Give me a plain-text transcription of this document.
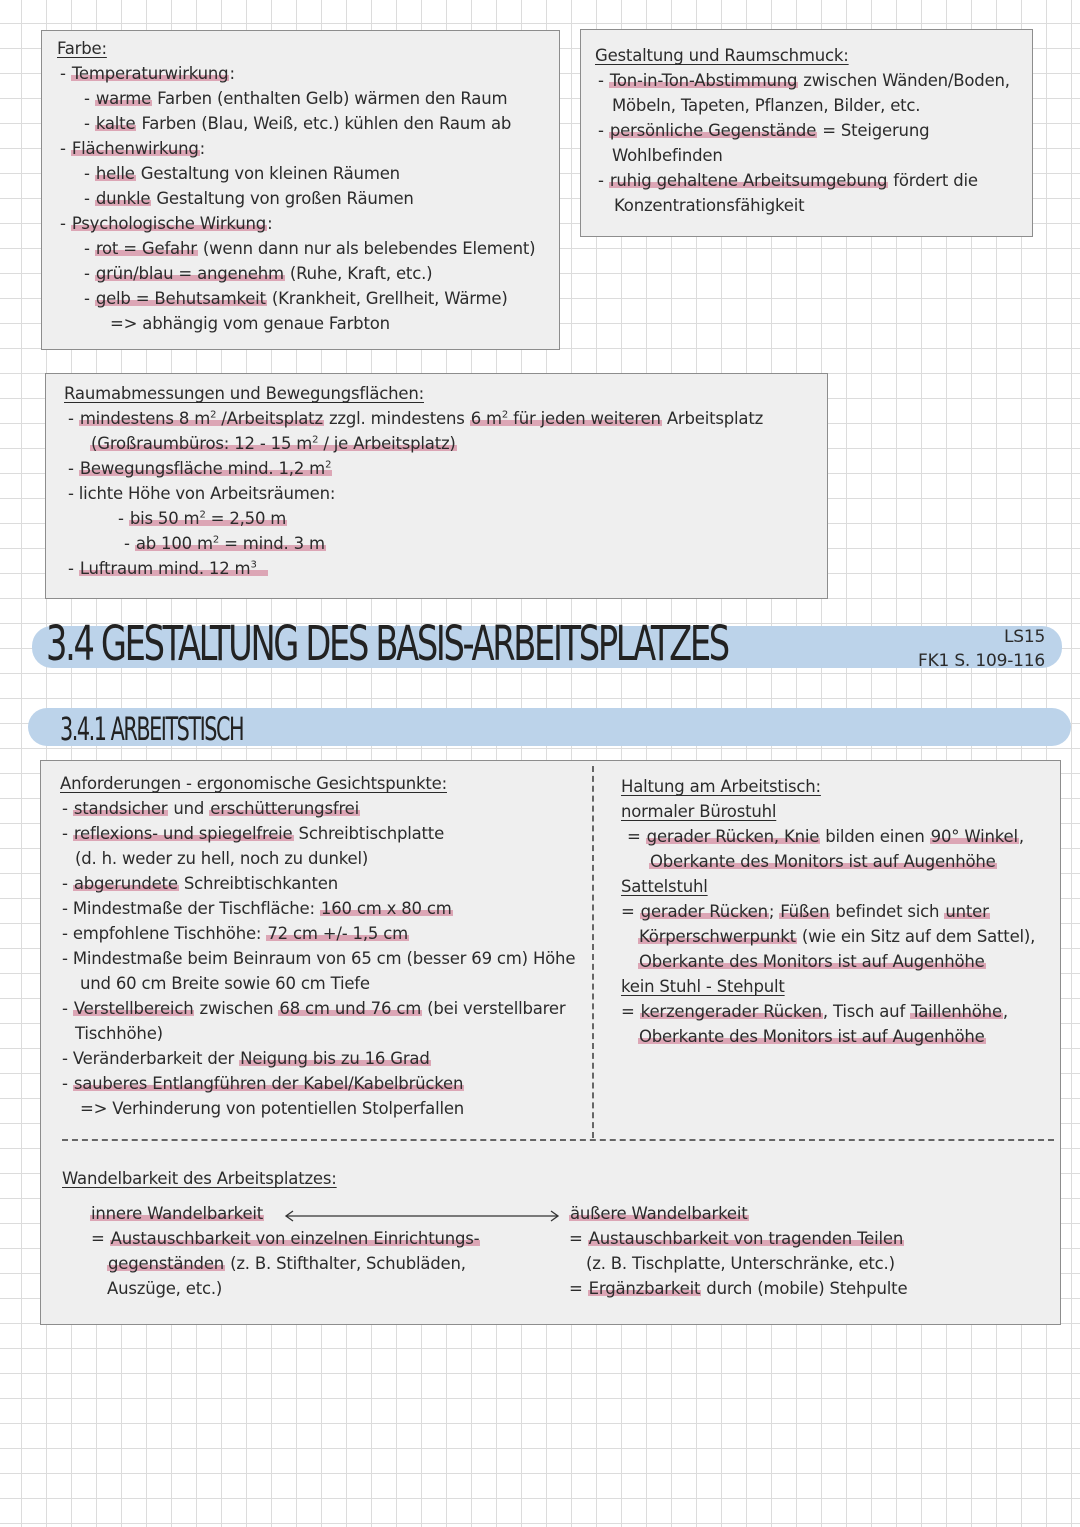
Farbe:
- Temperaturwirkung:
- warme Farben (enthalten Gelb) wärmen den Raum
- kalte Farben (Blau, Weiß, etc.) kühlen den Raum ab
- Flächenwirkung:
- helle Gestaltung von kleinen Räumen
- dunkle Gestaltung von großen Räumen
- Psychologische Wirkung:
- rot = Gefahr (wenn dann nur als belebendes Element)
- grün/blau = angenehm (Ruhe, Kraft, etc.)
- gelb = Behutsamkeit (Krankheit, Grellheit, Wärme)
=> abhängig vom genaue Farbton
Gestaltung und Raumschmuck:
- Ton-in-Ton-Abstimmung zwischen Wänden/Boden,
Möbeln, Tapeten, Pflanzen, Bilder, etc.
- persönliche Gegenstände = Steigerung
Wohlbefinden
- ruhig gehaltene Arbeitsumgebung fördert die
Konzentrationsfähigkeit
Raumabmessungen und Bewegungsflächen:
- mindestens 8 $m^2$ /Arbeitsplatz zzgl. mindestens 6 $m^2$ für jeden weiteren Arbeitsplatz
(Großraumbüros: 12 - 15 $m^2$ / je Arbeitsplatz)
- Bewegungsfläche mind. 1,2 $m^2$
- lichte Höhe von Arbeitsräumen:
- bis 50 $m^2 = 2,50$ m
- ab 100 $m^2 = \min d$. 3 m
- Luftraum mind. 12 $m^3$
3.4 GESTALTUNG DES BASIS-ARBEITSPLATZES	LS15
FK1 S. 109-116
3.4.1 ARBEITSTISCH
Anforderungen - ergonomische Gesichtspunkte:
- standsicher und erschütterungsfrei
- reflexions- und spiegelfreie Schreibtischplatte
(d. h. weder zu hell, noch zu dunkel)
- abgerundete Schreibtischkanten
- Mindestmaße der Tischfläche: 160 cm x 80 cm
- empfohlene Tischhöhe: 72 cm +/- 1,5 cm
- Mindestmaße beim Beinraum von 65 cm (besser 69 cm) Höhe
und 60 cm Breite sowie 60 cm Tiefe
- Verstellbereich zwischen 68 cm und 76 cm (bei verstellbarer
Tischhöhe)
- Veränderbarkeit der Neigung bis zu 16 Grad
- sauberes Entlangführen der Kabel/Kabelbrücken
=> Verhinderung von potentiellen Stolperfallen
Haltung am Arbeitstisch:
normaler Bürostuhl
= gerader Rücken, Knie bilden einen 90° Winkel,
Oberkante des Monitors ist auf Augenhöhe
Sattelstuhl
= gerader Rücken; Füßen befindet sich unter
Körperschwerpunkt (wie ein Sitz auf dem Sattel),
Oberkante des Monitors ist auf Augenhöhe
kein Stuhl - Stehpult
= kerzengerader Rücken, Tisch auf Taillenhöhe,
Oberkante des Monitors ist auf Augenhöhe
Wandelbarkeit des Arbeitsplatzes:
innere Wandelbarkeit	äußere Wandelbarkeit
= Austauschbarkeit von einzelnen Einrichtungs-
gegenständen (z. B. Stifthalter, Schubläden,
Auszüge, etc.)
= Austauschbarkeit von tragenden Teilen
(z. B. Tischplatte, Unterschränke, etc.)
= Ergänzbarkeit durch (mobile) Stehpulte
